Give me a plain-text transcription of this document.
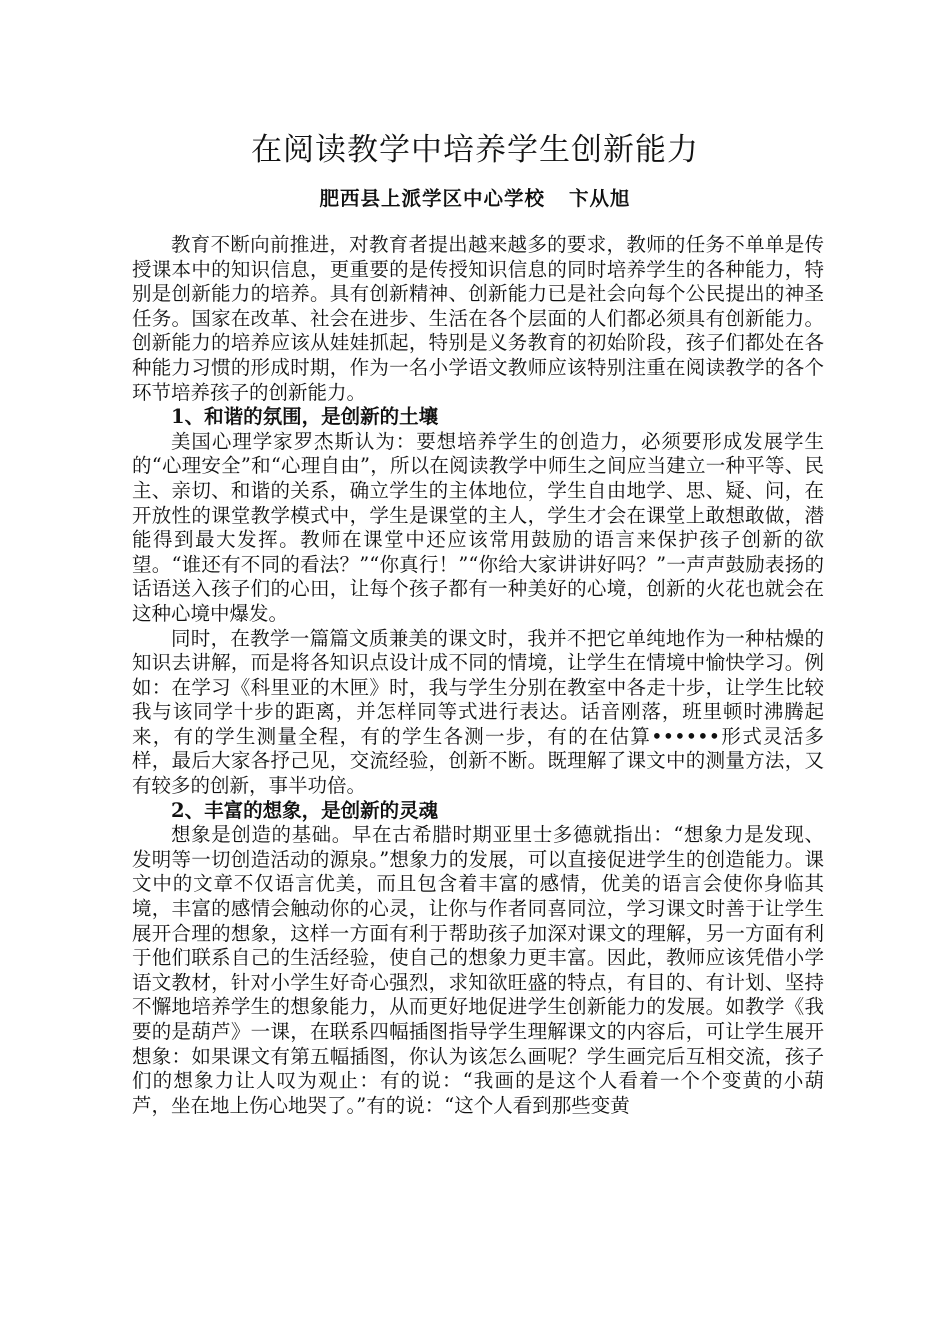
在阅读教学中培养学生创新能力
肥西县上派学区中心学校 卞从旭

教育不断向前推进，对教育者提出越来越多的要求，教师的任务不单单是传授课本中的知识信息，更重要的是传授知识信息的同时培养学生的各种能力，特别是创新能力的培养。具有创新精神、创新能力已是社会向每个公民提出的神圣任务。国家在改革、社会在进步、生活在各个层面的人们都必须具有创新能力。创新能力的培养应该从娃娃抓起，特别是义务教育的初始阶段，孩子们都处在各种能力习惯的形成时期，作为一名小学语文教师应该特别注重在阅读教学的各个环节培养孩子的创新能力。

1、和谐的氛围，是创新的土壤

美国心理学家罗杰斯认为：要想培养学生的创造力，必须要形成发展学生的“心理安全”和“心理自由”，所以在阅读教学中师生之间应当建立一种平等、民主、亲切、和谐的关系，确立学生的主体地位，学生自由地学、思、疑、问，在开放性的课堂教学模式中，学生是课堂的主人，学生才会在课堂上敢想敢做，潜能得到最大发挥。教师在课堂中还应该常用鼓励的语言来保护孩子创新的欲望。“谁还有不同的看法？”“你真行！”“你给大家讲讲好吗？”一声声鼓励表扬的话语送入孩子们的心田，让每个孩子都有一种美好的心境，创新的火花也就会在这种心境中爆发。

同时，在教学一篇篇文质兼美的课文时，我并不把它单纯地作为一种枯燥的知识去讲解，而是将各知识点设计成不同的情境，让学生在情境中愉快学习。例如：在学习《科里亚的木匣》时，我与学生分别在教室中各走十步，让学生比较我与该同学十步的距离，并怎样同等式进行表达。话音刚落，班里顿时沸腾起来，有的学生测量全程，有的学生各测一步，有的在估算••••••形式灵活多样，最后大家各抒己见，交流经验，创新不断。既理解了课文中的测量方法，又有较多的创新，事半功倍。

2、丰富的想象，是创新的灵魂

想象是创造的基础。早在古希腊时期亚里士多德就指出：“想象力是发现、发明等一切创造活动的源泉。”想象力的发展，可以直接促进学生的创造能力。课文中的文章不仅语言优美，而且包含着丰富的感情，优美的语言会使你身临其境，丰富的感情会触动你的心灵，让你与作者同喜同泣，学习课文时善于让学生展开合理的想象，这样一方面有利于帮助孩子加深对课文的理解，另一方面有利于他们联系自己的生活经验，使自己的想象力更丰富。因此，教师应该凭借小学语文教材，针对小学生好奇心强烈，求知欲旺盛的特点，有目的、有计划、坚持不懈地培养学生的想象能力，从而更好地促进学生创新能力的发展。如教学《我要的是葫芦》一课，在联系四幅插图指导学生理解课文的内容后，可让学生展开想象：如果课文有第五幅插图，你认为该怎么画呢？学生画完后互相交流，孩子们的想象力让人叹为观止：有的说：“我画的是这个人看着一个个变黄的小葫芦，坐在地上伤心地哭了。”有的说：“这个人看到那些变黄
